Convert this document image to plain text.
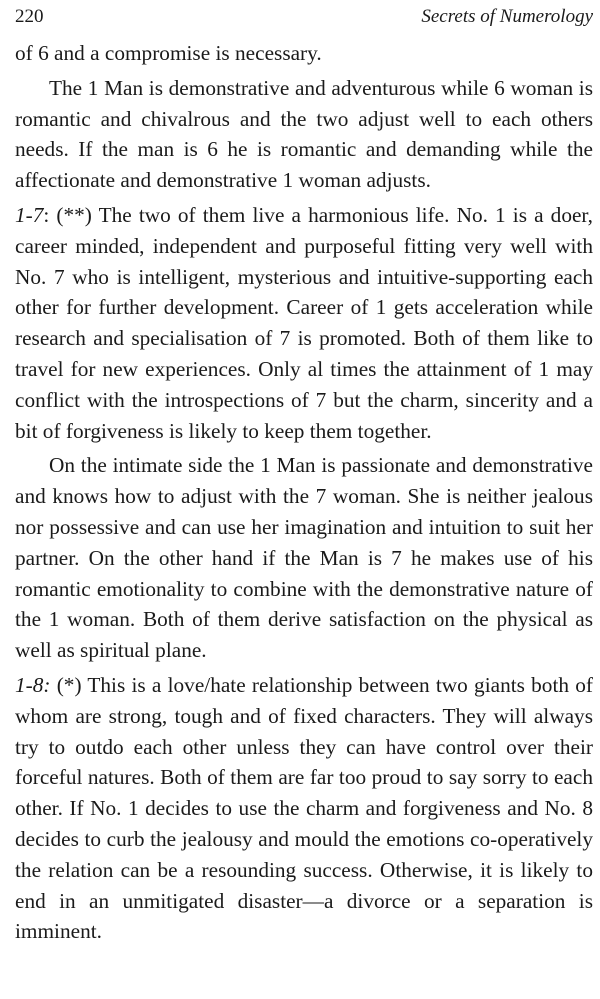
220	Secrets of Numerology

of 6 and a compromise is necessary.

The 1 Man is demonstrative and adventurous while 6 woman is romantic and chivalrous and the two adjust well to each others needs. If the man is 6 he is romantic and demanding while the affectionate and demonstrative 1 woman adjusts.

1-7: (**) The two of them live a harmonious life. No. 1 is a doer, career minded, independent and purposeful fitting very well with No. 7 who is intelligent, mysterious and intuitive-supporting each other for further development. Career of 1 gets acceleration while research and specialisation of 7 is promoted. Both of them like to travel for new experiences. Only al times the attainment of 1 may conflict with the introspections of 7 but the charm, sincerity and a bit of forgiveness is likely to keep them together.

On the intimate side the 1 Man is passionate and demonstrative and knows how to adjust with the 7 woman. She is neither jealous nor possessive and can use her imagination and intuition to suit her partner. On the other hand if the Man is 7 he makes use of his romantic emotionality to combine with the demonstrative nature of the 1 woman. Both of them derive satisfaction on the physical as well as spiritual plane.

1-8: (*) This is a love/hate relationship between two giants both of whom are strong, tough and of fixed characters. They will always try to outdo each other unless they can have control over their forceful natures. Both of them are far too proud to say sorry to each other. If No. 1 decides to use the charm and forgiveness and No. 8 decides to curb the jealousy and mould the emotions co-operatively the relation can be a resounding success. Otherwise, it is likely to end in an unmitigated disaster—a divorce or a separation is imminent.
